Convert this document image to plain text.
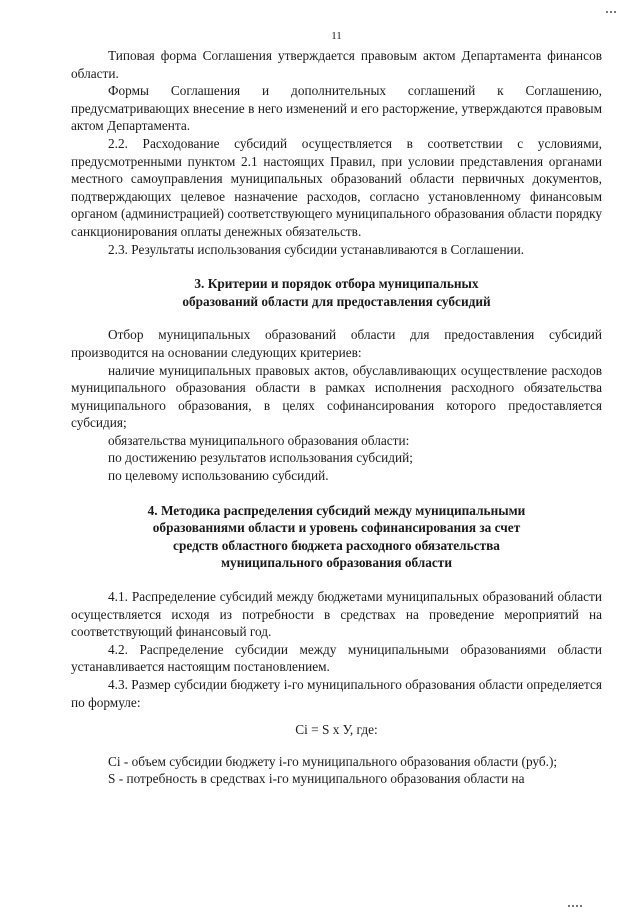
11

Типовая форма Соглашения утверждается правовым актом Департамента финансов области.

Формы Соглашения и дополнительных соглашений к Соглашению, предусматривающих внесение в него изменений и его расторжение, утверждаются правовым актом Департамента.

2.2. Расходование субсидий осуществляется в соответствии с условиями, предусмотренными пунктом 2.1 настоящих Правил, при условии представления органами местного самоуправления муниципальных образований области первичных документов, подтверждающих целевое назначение расходов, согласно установленному финансовым органом (администрацией) соответствующего муниципального образования области порядку санкционирования оплаты денежных обязательств.

2.3. Результаты использования субсидии устанавливаются в Соглашении.

3. Критерии и порядок отбора муниципальных
образований области для предоставления субсидий

Отбор муниципальных образований области для предоставления субсидий производится на основании следующих критериев:

наличие муниципальных правовых актов, обуславливающих осуществление расходов муниципального образования области в рамках исполнения расходного обязательства муниципального образования, в целях софинансирования которого предоставляется субсидия;

обязательства муниципального образования области:

по достижению результатов использования субсидий;

по целевому использованию субсидий.

4. Методика распределения субсидий между муниципальными
образованиями области и уровень софинансирования за счет
средств областного бюджета расходного обязательства
муниципального образования области

4.1. Распределение субсидий между бюджетами муниципальных образований области осуществляется исходя из потребности в средствах на проведение мероприятий на соответствующий финансовый год.

4.2. Распределение субсидии между муниципальными образованиями области устанавливается настоящим постановлением.

4.3. Размер субсидии бюджету i-го муниципального образования области определяется по формуле:

Ci = S x У, где:

Ci - объем субсидии бюджету i-го муниципального образования области (руб.);

S - потребность в средствах i-го муниципального образования области на
